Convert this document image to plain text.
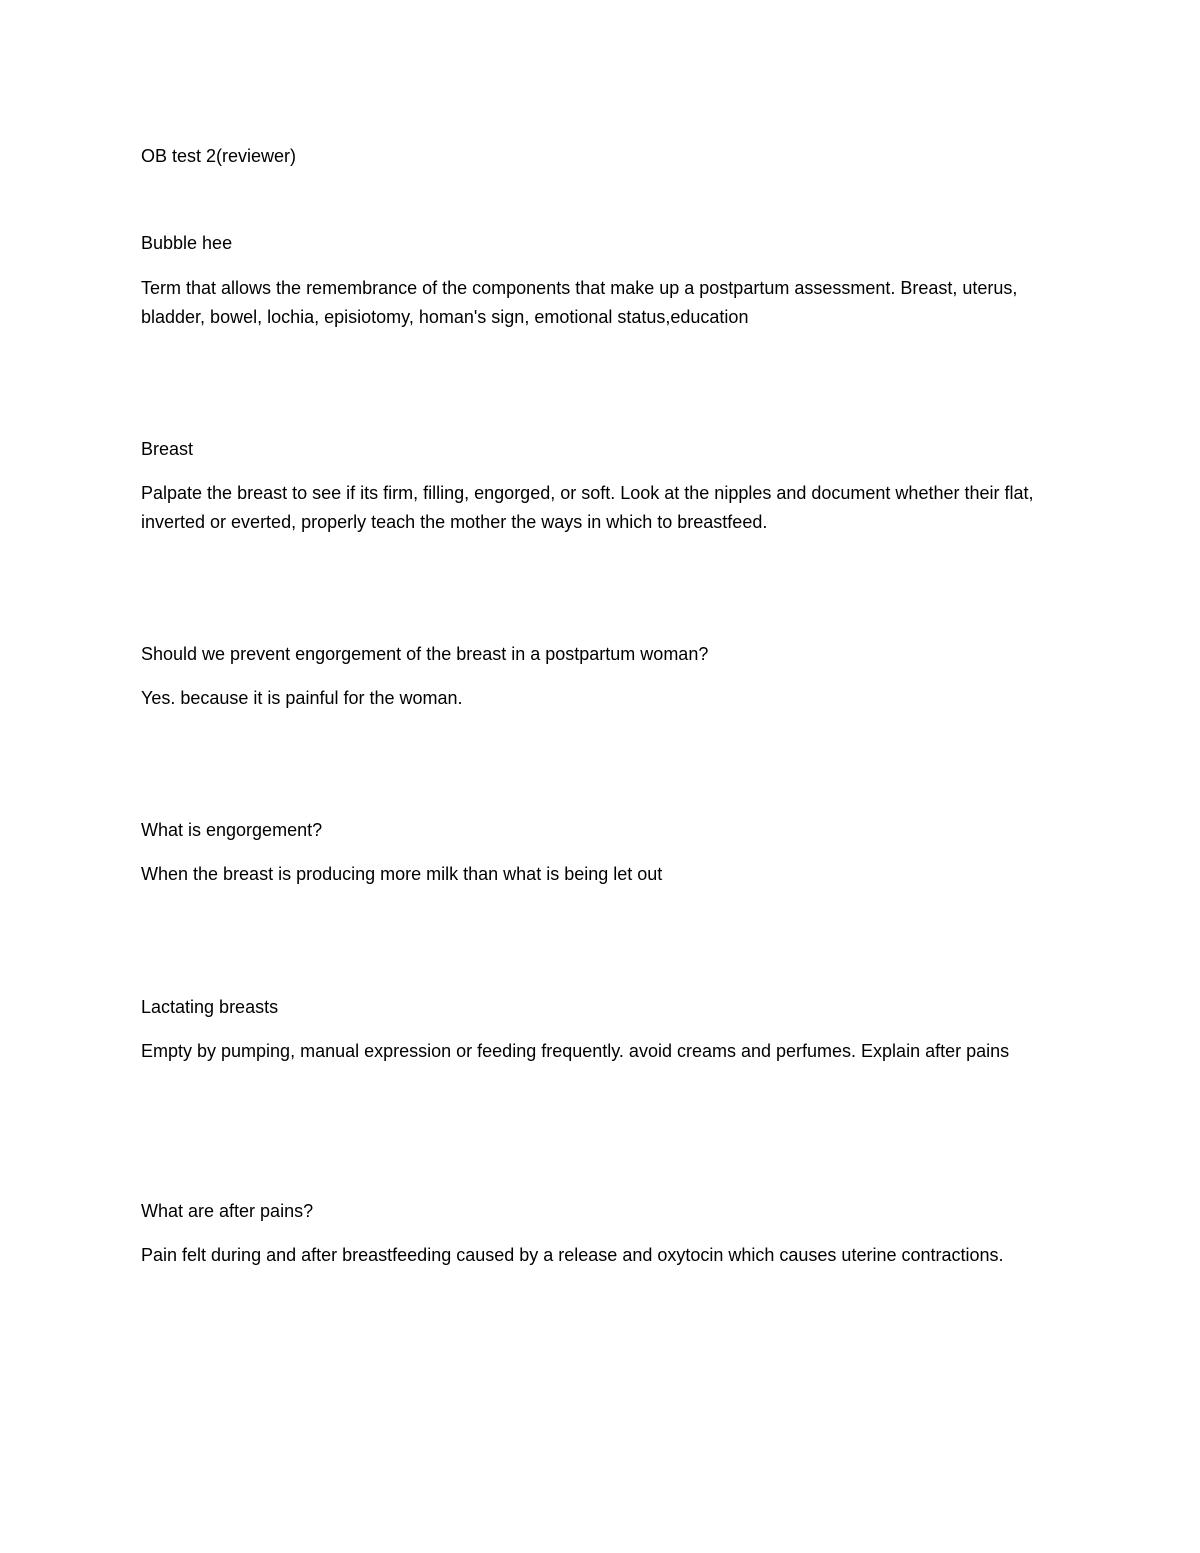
OB test 2(reviewer)

Bubble hee

Term that allows the remembrance of the components that make up a postpartum assessment. Breast, uterus, bladder, bowel, lochia, episiotomy, homan's sign, emotional status,education

Breast

Palpate the breast to see if its firm, filling, engorged, or soft. Look at the nipples and document whether their flat, inverted or everted, properly teach the mother the ways in which to breastfeed.

Should we prevent engorgement of the breast in a postpartum woman?

Yes. because it is painful for the woman.

What is engorgement?

When the breast is producing more milk than what is being let out

Lactating breasts

Empty by pumping, manual expression or feeding frequently. avoid creams and perfumes. Explain after pains

What are after pains?

Pain felt during and after breastfeeding caused by a release and oxytocin which causes uterine contractions.
